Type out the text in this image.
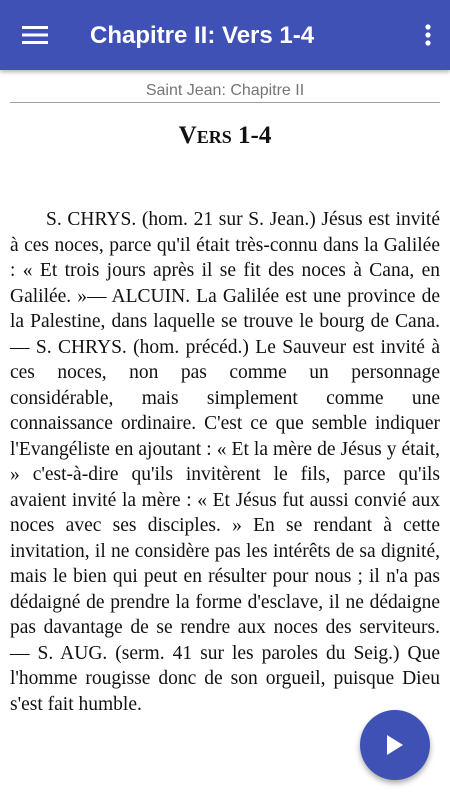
Chapitre II: Vers 1-4
Saint Jean: Chapitre II
Vers 1-4

S. CHRYS. (hom. 21 sur S. Jean.) Jésus est invité à ces noces, parce qu'il était très-connu dans la Galilée : « Et trois jours après il se fit des noces à Cana, en Galilée. »— ALCUIN. La Galilée est une province de la Palestine, dans laquelle se trouve le bourg de Cana. — S. CHRYS. (hom. précéd.) Le Sauveur est invité à ces noces, non pas comme un personnage considérable, mais simplement comme une connaissance ordinaire. C'est ce que semble indiquer l'Evangéliste en ajoutant : « Et la mère de Jésus y était, » c'est-à-dire qu'ils invitèrent le fils, parce qu'ils avaient invité la mère : « Et Jésus fut aussi convié aux noces avec ses disciples. » En se rendant à cette invitation, il ne considère pas les intérêts de sa dignité, mais le bien qui peut en résulter pour nous ; il n'a pas dédaigné de prendre la forme d'esclave, il ne dédaigne pas davantage de se rendre aux noces des serviteurs. — S. AUG. (serm. 41 sur les paroles du Seig.) Que l'homme rougisse donc de son orgueil, puisque Dieu s'est fait humble.
